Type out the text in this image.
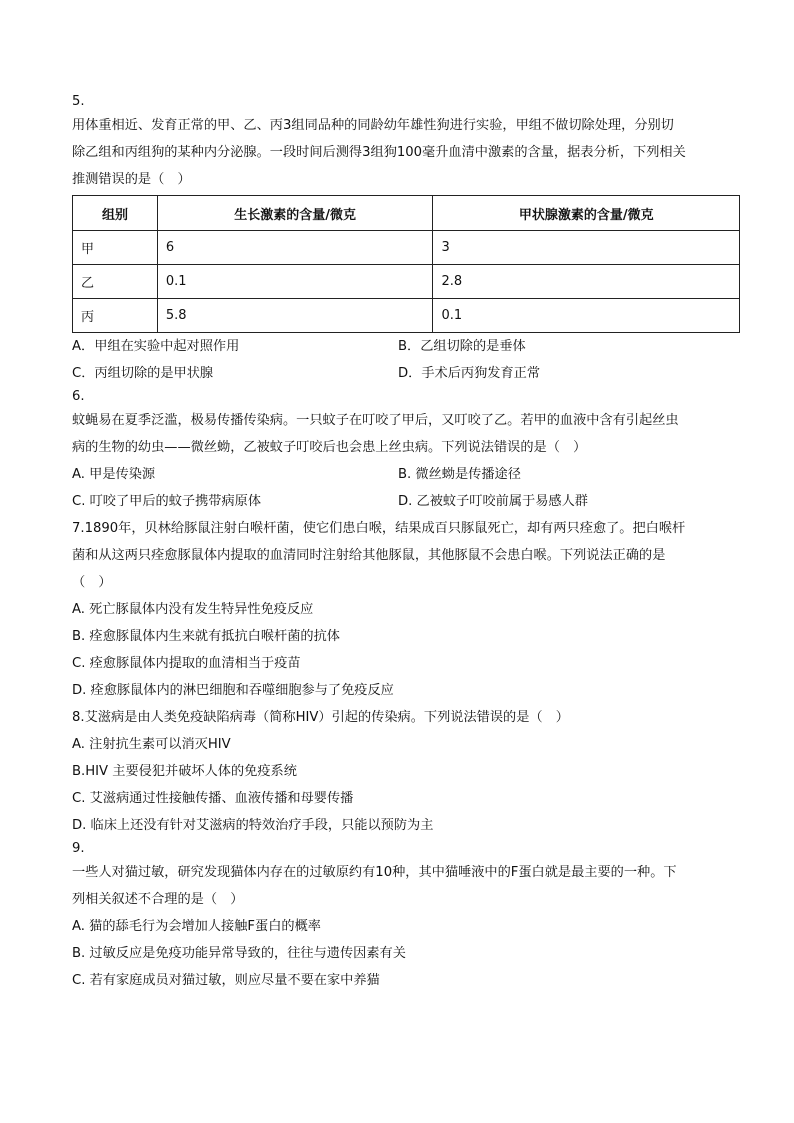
5.
用体重相近、发育正常的甲、乙、丙3组同品种的同龄幼年雄性狗进行实验，甲组不做切除处理，分别切
除乙组和丙组狗的某种内分泌腺。一段时间后测得3组狗100毫升血清中激素的含量，据表分析，下列相关
推测错误的是（　）
组别	生长激素的含量/微克	甲状腺激素的含量/微克
甲	6	3
乙	0.1	2.8
丙	5.8	0.1
A．甲组在实验中起对照作用	B．乙组切除的是垂体
C．丙组切除的是甲状腺	D．手术后丙狗发育正常
6.
蚊蝇易在夏季泛滥，极易传播传染病。一只蚊子在叮咬了甲后，又叮咬了乙。若甲的血液中含有引起丝虫
病的生物的幼虫——微丝蚴，乙被蚊子叮咬后也会患上丝虫病。下列说法错误的是（　）
A. 甲是传染源	B. 微丝蚴是传播途径
C. 叮咬了甲后的蚊子携带病原体	D. 乙被蚊子叮咬前属于易感人群
7.1890年，贝林给豚鼠注射白喉杆菌，使它们患白喉，结果成百只豚鼠死亡，却有两只痊愈了。把白喉杆
菌和从这两只痊愈豚鼠体内提取的血清同时注射给其他豚鼠，其他豚鼠不会患白喉。下列说法正确的是
（　）
A. 死亡豚鼠体内没有发生特异性免疫反应
B. 痊愈豚鼠体内生来就有抵抗白喉杆菌的抗体
C. 痊愈豚鼠体内提取的血清相当于疫苗
D. 痊愈豚鼠体内的淋巴细胞和吞噬细胞参与了免疫反应
8.艾滋病是由人类免疫缺陷病毒（简称HIV）引起的传染病。下列说法错误的是（　）
A. 注射抗生素可以消灭HIV
B.HIV 主要侵犯并破坏人体的免疫系统
C. 艾滋病通过性接触传播、血液传播和母婴传播
D. 临床上还没有针对艾滋病的特效治疗手段，只能以预防为主
9.
一些人对猫过敏，研究发现猫体内存在的过敏原约有10种，其中猫唾液中的F蛋白就是最主要的一种。下
列相关叙述不合理的是（　）
A. 猫的舔毛行为会增加人接触F蛋白的概率
B. 过敏反应是免疫功能异常导致的，往往与遗传因素有关
C. 若有家庭成员对猫过敏，则应尽量不要在家中养猫
